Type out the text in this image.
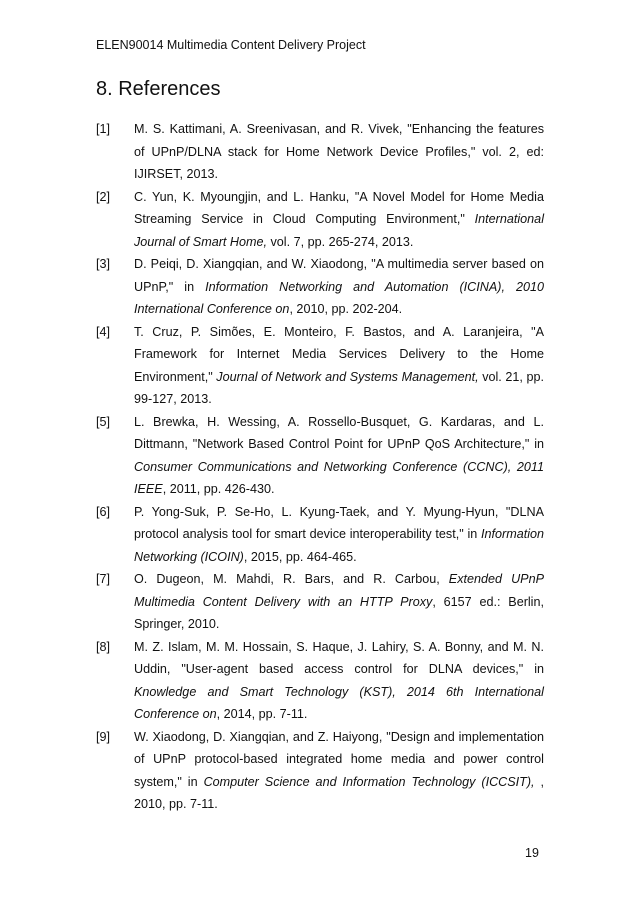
ELEN90014 Multimedia Content Delivery Project
8. References
[1]	M. S. Kattimani, A. Sreenivasan, and R. Vivek, "Enhancing the features of UPnP/DLNA stack for Home Network Device Profiles," vol. 2, ed: IJIRSET, 2013.
[2]	C. Yun, K. Myoungjin, and L. Hanku, "A Novel Model for Home Media Streaming Service in Cloud Computing Environment," International Journal of Smart Home, vol. 7, pp. 265-274, 2013.
[3]	D. Peiqi, D. Xiangqian, and W. Xiaodong, "A multimedia server based on UPnP," in Information Networking and Automation (ICINA), 2010 International Conference on, 2010, pp. 202-204.
[4]	T. Cruz, P. Simões, E. Monteiro, F. Bastos, and A. Laranjeira, "A Framework for Internet Media Services Delivery to the Home Environment," Journal of Network and Systems Management, vol. 21, pp. 99-127, 2013.
[5]	L. Brewka, H. Wessing, A. Rossello-Busquet, G. Kardaras, and L. Dittmann, "Network Based Control Point for UPnP QoS Architecture," in Consumer Communications and Networking Conference (CCNC), 2011 IEEE, 2011, pp. 426-430.
[6]	P. Yong-Suk, P. Se-Ho, L. Kyung-Taek, and Y. Myung-Hyun, "DLNA protocol analysis tool for smart device interoperability test," in Information Networking (ICOIN), 2015, pp. 464-465.
[7]	O. Dugeon, M. Mahdi, R. Bars, and R. Carbou, Extended UPnP Multimedia Content Delivery with an HTTP Proxy, 6157 ed.: Berlin, Springer, 2010.
[8]	M. Z. Islam, M. M. Hossain, S. Haque, J. Lahiry, S. A. Bonny, and M. N. Uddin, "User-agent based access control for DLNA devices," in Knowledge and Smart Technology (KST), 2014 6th International Conference on, 2014, pp. 7-11.
[9]	W. Xiaodong, D. Xiangqian, and Z. Haiyong, "Design and implementation of UPnP protocol-based integrated home media and power control system," in Computer Science and Information Technology (ICCSIT), , 2010, pp. 7-11.
19
